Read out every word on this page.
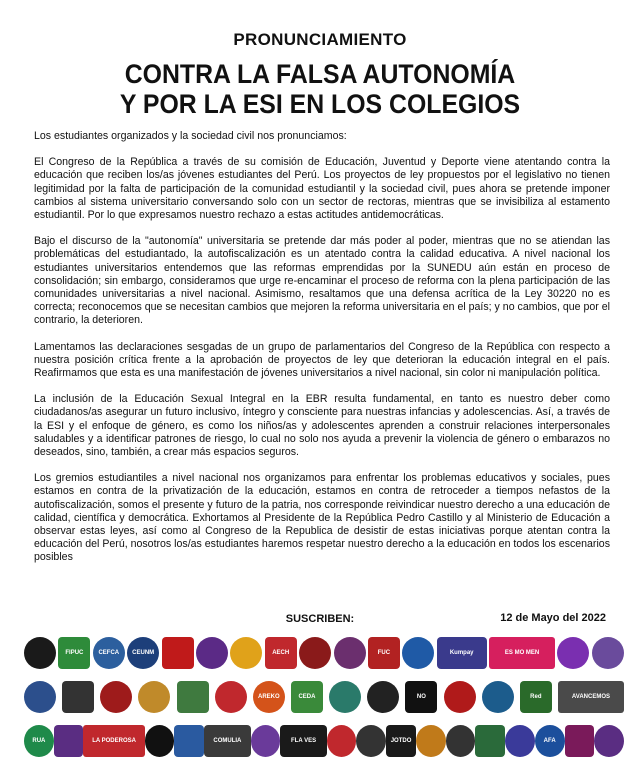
PRONUNCIAMIENTO
CONTRA LA FALSA AUTONOMÍA
Y POR LA ESI EN LOS COLEGIOS

Los estudiantes organizados y la sociedad civil nos pronunciamos:

El Congreso de la República a través de su comisión de Educación, Juventud y Deporte viene atentando contra la educación que reciben los/as jóvenes estudiantes del Perú. Los proyectos de ley propuestos por el legislativo no tienen legitimidad por la falta de participación de la comunidad estudiantil y la sociedad civil, pues ahora se pretende imponer cambios al sistema universitario conversando solo con un sector de rectoras, mientras que se invisibiliza al estamento estudiantil. Por lo que expresamos nuestro rechazo a estas actitudes antidemocráticas.

Bajo el discurso de la "autonomía" universitaria se pretende dar más poder al poder, mientras que no se atiendan las problemáticas del estudiantado, la autofiscalización es un atentado contra la calidad educativa. A nivel nacional los estudiantes universitarios entendemos que las reformas emprendidas por la SUNEDU aún están en proceso de consolidación; sin embargo, consideramos que urge re-encaminar el proceso de reforma con la plena participación de las comunidades universitarias a nivel nacional. Asimismo, resaltamos que una defensa acrítica de la Ley 30220 no es correcta; reconocemos que se necesitan cambios que mejoren la reforma universitaria en el país; y no cambios, que por el contrario, la deterioren.

Lamentamos las declaraciones sesgadas de un grupo de parlamentarios del Congreso de la República con respecto a nuestra posición crítica frente a la aprobación de proyectos de ley que deterioran la educación integral en el país. Reafirmamos que esta es una manifestación de jóvenes universitarios a nivel nacional, sin color ni manipulación política.

La inclusión de la Educación Sexual Integral en la EBR resulta fundamental, en tanto es nuestro deber como ciudadanos/as asegurar un futuro inclusivo, íntegro y consciente para nuestras infancias y adolescencias. Así, a través de la ESI y el enfoque de género, es como los niños/as y adolescentes aprenden a construir relaciones interpersonales saludables y a identificar patrones de riesgo, lo cual no solo nos ayuda a prevenir la violencia de género o embarazos no deseados, sino, también, a crear más espacios seguros.

Los gremios estudiantiles a nivel nacional nos organizamos para enfrentar los problemas educativos y sociales, pues estamos en contra de la privatización de la educación, estamos en contra de retroceder a tiempos nefastos de la autofiscalización, somos el presente y futuro de la patria, nos corresponde reivindicar nuestro derecho a una educación de calidad, científica y democrática. Exhortamos al Presidente de la República Pedro Castillo y al Ministerio de Educación a observar estas leyes, así como al Congreso de la Republica de desistir de estas iniciativas porque atentan contra la educación del Perú, nosotros los/as estudiantes haremos respetar nuestro derecho a la educación en todos los escenarios posibles

SUSCRIBEN:	12 de Mayo del 2022
FIPUC	CEFCA CEUNM	AECH	FUC	Kumpay	ES MO MEN
AREKO	CEDA	NO	Red	AVANCEMOS
RUA	LA PODEROSA	COMULIA	FLA VES	JOTDO	AFA
